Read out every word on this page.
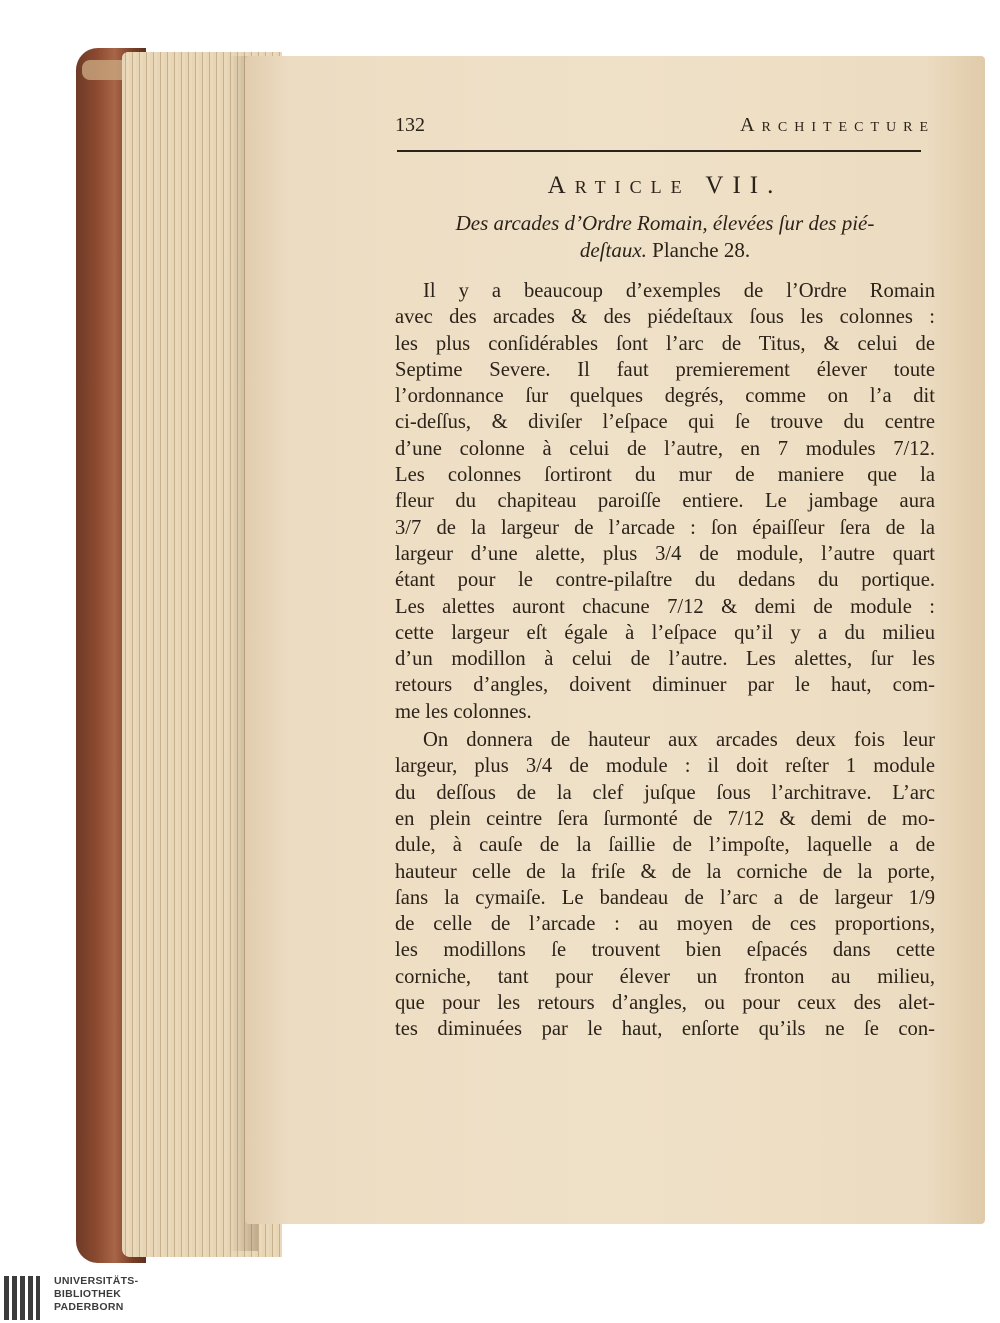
132	Architecture
Article VII.
Des arcades d’Ordre Romain, élevées ſur des pié-
deſtaux. Planche 28.
Il y a beaucoup d’exemples de l’Ordre Romain
avec des arcades & des piédeſtaux ſous les colonnes :
les plus conſidérables ſont l’arc de Titus, & celui de
Septime Severe. Il faut premierement élever toute
l’ordonnance ſur quelques degrés, comme on l’a dit
ci-deſſus, & diviſer l’eſpace qui ſe trouve du centre
d’une colonne à celui de l’autre, en 7 modules 7/12.
Les colonnes ſortiront du mur de maniere que la
fleur du chapiteau paroiſſe entiere. Le jambage aura
3/7 de la largeur de l’arcade : ſon épaiſſeur ſera de la
largeur d’une alette, plus 3/4 de module, l’autre quart
étant pour le contre-pilaſtre du dedans du portique.
Les alettes auront chacune 7/12 & demi de module :
cette largeur eſt égale à l’eſpace qu’il y a du milieu
d’un modillon à celui de l’autre. Les alettes, ſur les
retours d’angles, doivent diminuer par le haut, com-
me les colonnes.
On donnera de hauteur aux arcades deux fois leur
largeur, plus 3/4 de module : il doit reſter 1 module
du deſſous de la clef juſque ſous l’architrave. L’arc
en plein ceintre ſera ſurmonté de 7/12 & demi de mo-
dule, à cauſe de la ſaillie de l’impoſte, laquelle a de
hauteur celle de la friſe & de la corniche de la porte,
ſans la cymaiſe. Le bandeau de l’arc a de largeur 1/9
de celle de l’arcade : au moyen de ces proportions,
les modillons ſe trouvent bien eſpacés dans cette
corniche, tant pour élever un fronton au milieu,
que pour les retours d’angles, ou pour ceux des alet-
tes diminuées par le haut, enſorte qu’ils ne ſe con-
UNIVERSITÄTS-
BIBLIOTHEK
PADERBORN
